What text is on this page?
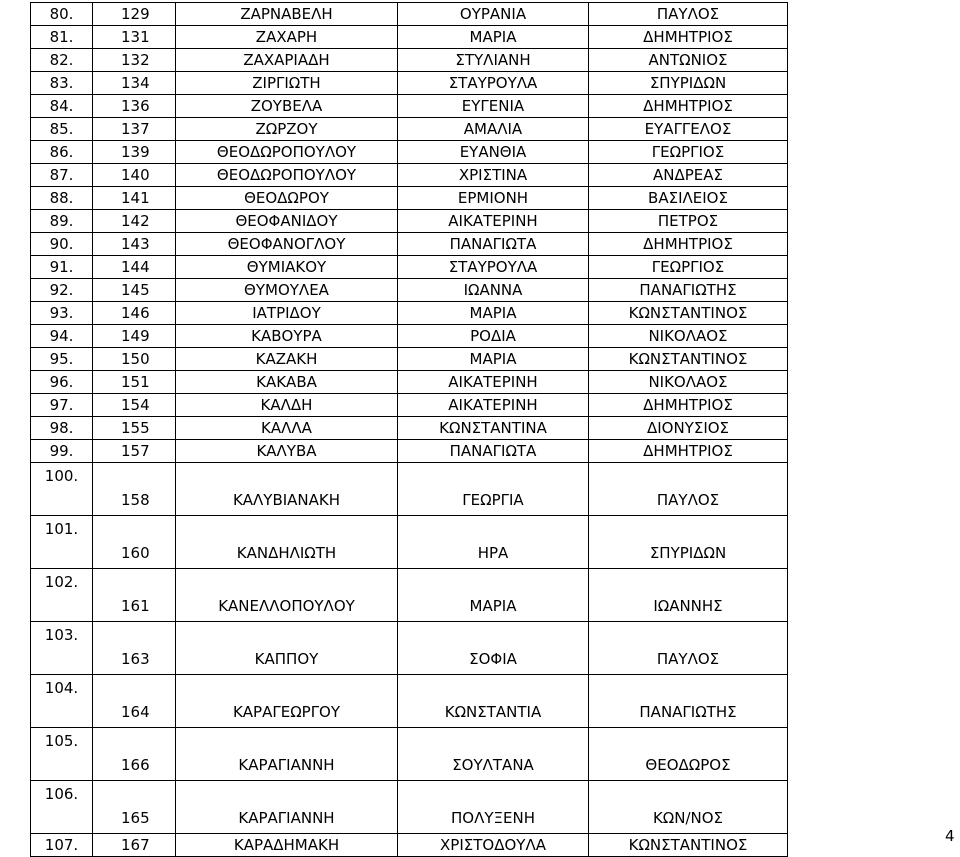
80.	129	ΖΑΡΝΑΒΕΛΗ	ΟΥΡΑΝΙΑ	ΠΑΥΛΟΣ
81.	131	ΖΑΧΑΡΗ	ΜΑΡΙΑ	ΔΗΜΗΤΡΙΟΣ
82.	132	ΖΑΧΑΡΙΑΔΗ	ΣΤΥΛΙΑΝΗ	ΑΝΤΩΝΙΟΣ
83.	134	ΖΙΡΓΙΩΤΗ	ΣΤΑΥΡΟΥΛΑ	ΣΠΥΡΙΔΩΝ
84.	136	ΖΟΥΒΕΛΑ	ΕΥΓΕΝΙΑ	ΔΗΜΗΤΡΙΟΣ
85.	137	ΖΩΡΖΟΥ	ΑΜΑΛΙΑ	ΕΥΑΓΓΕΛΟΣ
86.	139	ΘΕΟΔΩΡΟΠΟΥΛΟΥ	ΕΥΑΝΘΙΑ	ΓΕΩΡΓΙΟΣ
87.	140	ΘΕΟΔΩΡΟΠΟΥΛΟΥ	ΧΡΙΣΤΙΝΑ	ΑΝΔΡΕΑΣ
88.	141	ΘΕΟΔΩΡΟΥ	ΕΡΜΙΟΝΗ	ΒΑΣΙΛΕΙΟΣ
89.	142	ΘΕΟΦΑΝΙΔΟΥ	ΑΙΚΑΤΕΡΙΝΗ	ΠΕΤΡΟΣ
90.	143	ΘΕΟΦΑΝΟΓΛΟΥ	ΠΑΝΑΓΙΩΤΑ	ΔΗΜΗΤΡΙΟΣ
91.	144	ΘΥΜΙΑΚΟΥ	ΣΤΑΥΡΟΥΛΑ	ΓΕΩΡΓΙΟΣ
92.	145	ΘΥΜΟΥΛΕΑ	ΙΩΑΝΝΑ	ΠΑΝΑΓΙΩΤΗΣ
93.	146	ΙΑΤΡΙΔΟΥ	ΜΑΡΙΑ	ΚΩΝΣΤΑΝΤΙΝΟΣ
94.	149	ΚΑΒΟΥΡΑ	ΡΟΔΙΑ	ΝΙΚΟΛΑΟΣ
95.	150	ΚΑΖΑΚΗ	ΜΑΡΙΑ	ΚΩΝΣΤΑΝΤΙΝΟΣ
96.	151	ΚΑΚΑΒΑ	ΑΙΚΑΤΕΡΙΝΗ	ΝΙΚΟΛΑΟΣ
97.	154	ΚΑΛΔΗ	ΑΙΚΑΤΕΡΙΝΗ	ΔΗΜΗΤΡΙΟΣ
98.	155	ΚΑΛΛΑ	ΚΩΝΣΤΑΝΤΙΝΑ	ΔΙΟΝΥΣΙΟΣ
99.	157	ΚΑΛΥΒΑ	ΠΑΝΑΓΙΩΤΑ	ΔΗΜΗΤΡΙΟΣ
100.	158	ΚΑΛΥΒΙΑΝΑΚΗ	ΓΕΩΡΓΙΑ	ΠΑΥΛΟΣ
101.	160	ΚΑΝΔΗΛΙΩΤΗ	ΗΡΑ	ΣΠΥΡΙΔΩΝ
102.	161	ΚΑΝΕΛΛΟΠΟΥΛΟΥ	ΜΑΡΙΑ	ΙΩΑΝΝΗΣ
103.	163	ΚΑΠΠΟΥ	ΣΟΦΙΑ	ΠΑΥΛΟΣ
104.	164	ΚΑΡΑΓΕΩΡΓΟΥ	ΚΩΝΣΤΑΝΤΙΑ	ΠΑΝΑΓΙΩΤΗΣ
105.	166	ΚΑΡΑΓΙΑΝΝΗ	ΣΟΥΛΤΑΝΑ	ΘΕΟΔΩΡΟΣ
106.	165	ΚΑΡΑΓΙΑΝΝΗ	ΠΟΛΥΞΕΝΗ	ΚΩΝ/ΝΟΣ
107.	167	ΚΑΡΑΔΗΜΑΚΗ	ΧΡΙΣΤΟΔΟΥΛΑ	ΚΩΝΣΤΑΝΤΙΝΟΣ	4
